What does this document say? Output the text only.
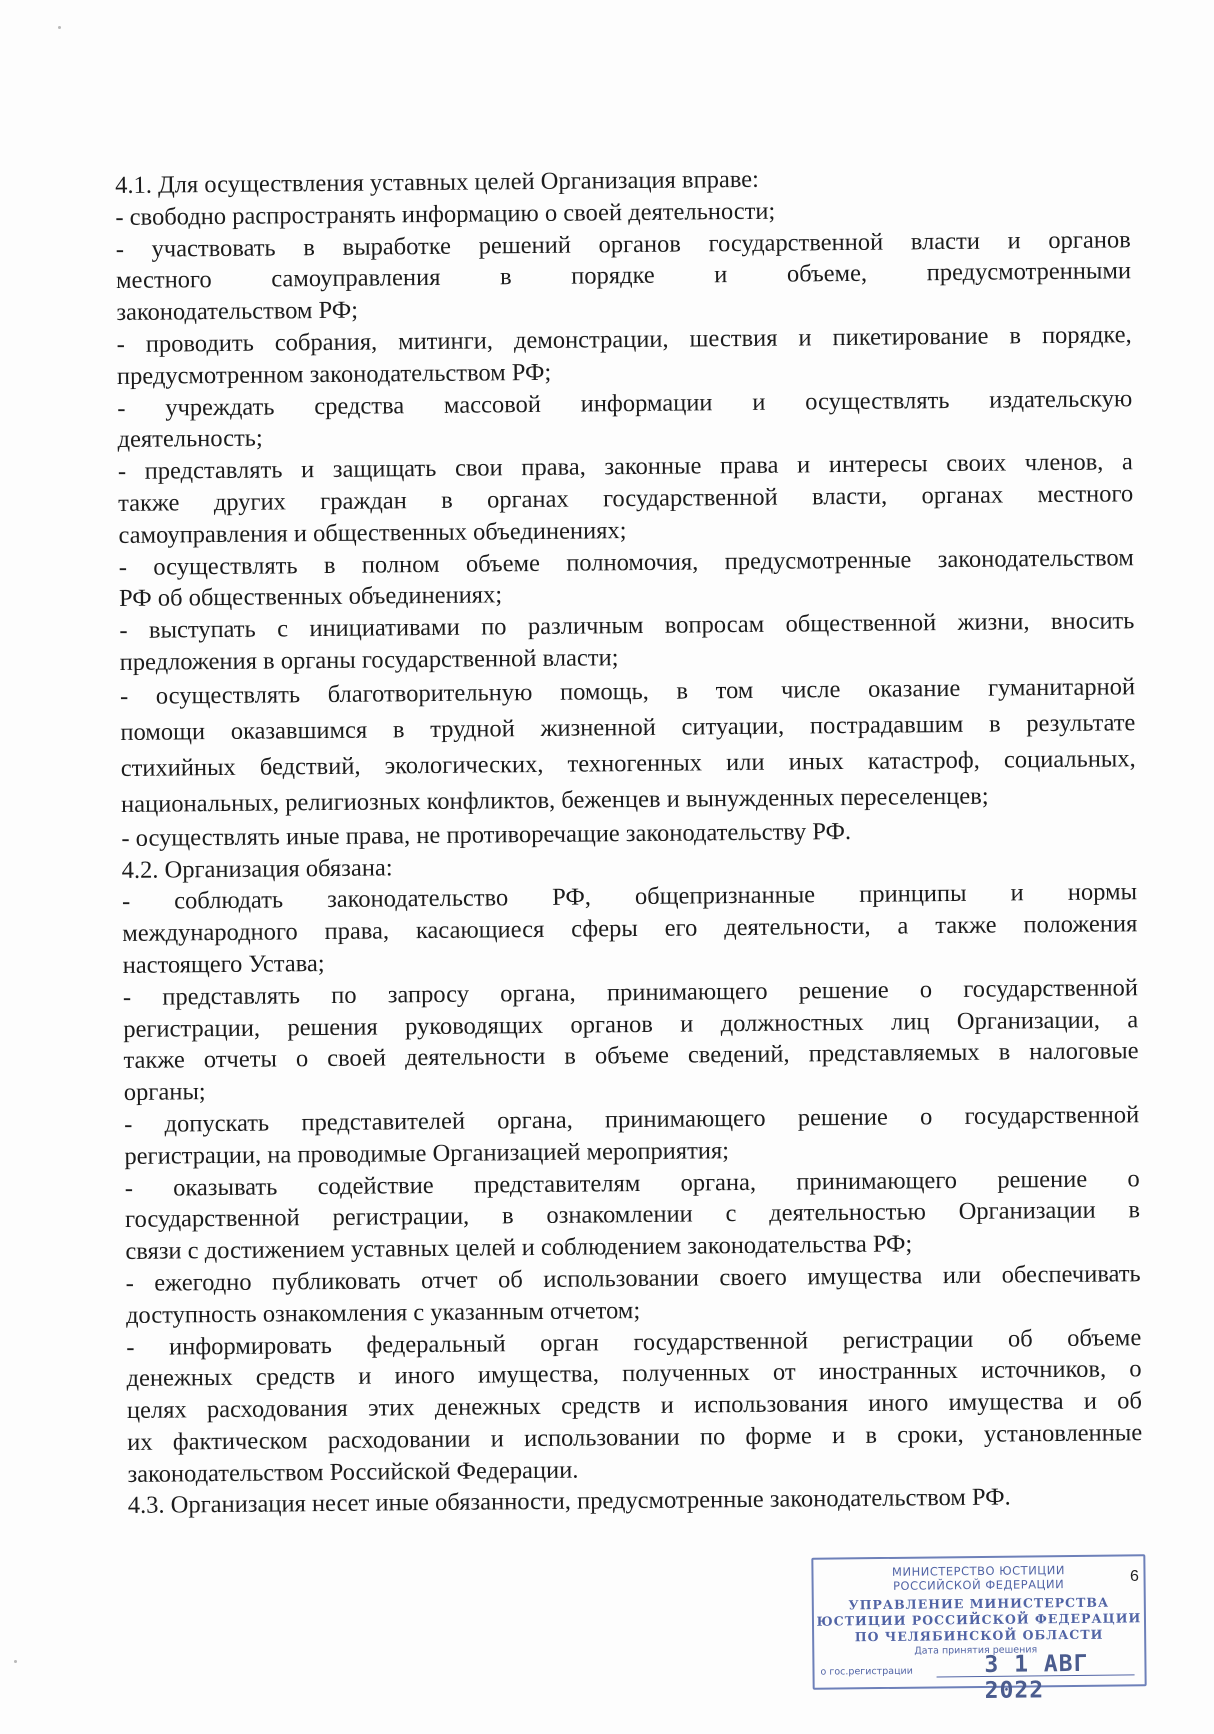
4.1. Для осуществления уставных целей Организация вправе:

- свободно распространять информацию о своей деятельности;

- участвовать в выработке решений органов государственной власти и органов
местного самоуправления в порядке и объеме, предусмотренными
законодательством РФ;

- проводить собрания, митинги, демонстрации, шествия и пикетирование в порядке,
предусмотренном законодательством РФ;

- учреждать средства массовой информации и осуществлять издательскую
деятельность;

- представлять и защищать свои права, законные права и интересы своих членов, а
также других граждан в органах государственной власти, органах местного
самоуправления и общественных объединениях;

- осуществлять в полном объеме полномочия, предусмотренные законодательством
РФ об общественных объединениях;

- выступать с инициативами по различным вопросам общественной жизни, вносить
предложения в органы государственной власти;

- осуществлять благотворительную помощь, в том числе оказание гуманитарной
помощи оказавшимся в трудной жизненной ситуации, пострадавшим в результате
стихийных бедствий, экологических, техногенных или иных катастроф, социальных,
национальных, религиозных конфликтов, беженцев и вынужденных переселенцев;

- осуществлять иные права, не противоречащие законодательству РФ.

4.2. Организация обязана:

- соблюдать законодательство РФ, общепризнанные принципы и нормы
международного права, касающиеся сферы его деятельности, а также положения
настоящего Устава;

- представлять по запросу органа, принимающего решение о государственной
регистрации, решения руководящих органов и должностных лиц Организации, а
также отчеты о своей деятельности в объеме сведений, представляемых в налоговые
органы;

- допускать представителей органа, принимающего решение о государственной
регистрации, на проводимые Организацией мероприятия;

- оказывать содействие представителям органа, принимающего решение о
государственной регистрации, в ознакомлении с деятельностью Организации в
связи с достижением уставных целей и соблюдением законодательства РФ;

- ежегодно публиковать отчет об использовании своего имущества или обеспечивать
доступность ознакомления с указанным отчетом;

- информировать федеральный орган государственной регистрации об объеме
денежных средств и иного имущества, полученных от иностранных источников, о
целях расходования этих денежных средств и использования иного имущества и об
их фактическом расходовании и использовании по форме и в сроки, установленные
законодательством Российской Федерации.

4.3. Организация несет иные обязанности, предусмотренные законодательством РФ.

6
МИНИСТЕРСТВО ЮСТИЦИИ
РОССИЙСКОЙ ФЕДЕРАЦИИ
УПРАВЛЕНИЕ МИНИСТЕРСТВА
ЮСТИЦИИ РОССИЙСКОЙ ФЕДЕРАЦИИ
ПО ЧЕЛЯБИНСКОЙ ОБЛАСТИ
Дата принятия решения
о гос.регистрации	3 1 АВГ 2022
